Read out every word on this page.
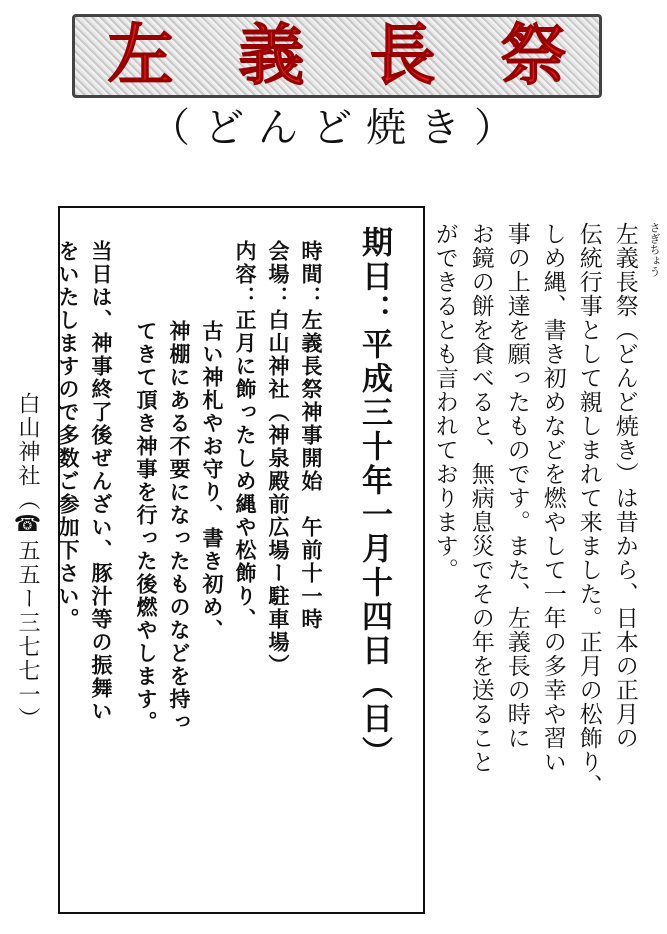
左 義 長 祭
（どんど焼き）
さぎちょう
左義長祭（どんど焼き）は昔から、日本の正月の
伝統行事として親しまれて来ました。正月の松飾り、
しめ縄、書き初めなどを燃やして一年の多幸や習い
事の上達を願ったものです。また、左義長の時に
お鏡の餅を食べると、無病息災でその年を送ること
ができるとも言われております。
期日：平成三十年一月十四日（日）
時間：左義長祭神事開始　午前十一時
会場：白山神社（神泉殿前広場ー駐車場）
内容：正月に飾ったしめ縄や松飾り、
古い神札やお守り、書き初め、
神棚にある不要になったものなどを持っ
てきて頂き神事を行った後燃やします。
当日は、神事終了後ぜんざい、豚汁等の振舞い
をいたしますので多数ご参加下さい。
白山神社（☎五五ー三七七一）
